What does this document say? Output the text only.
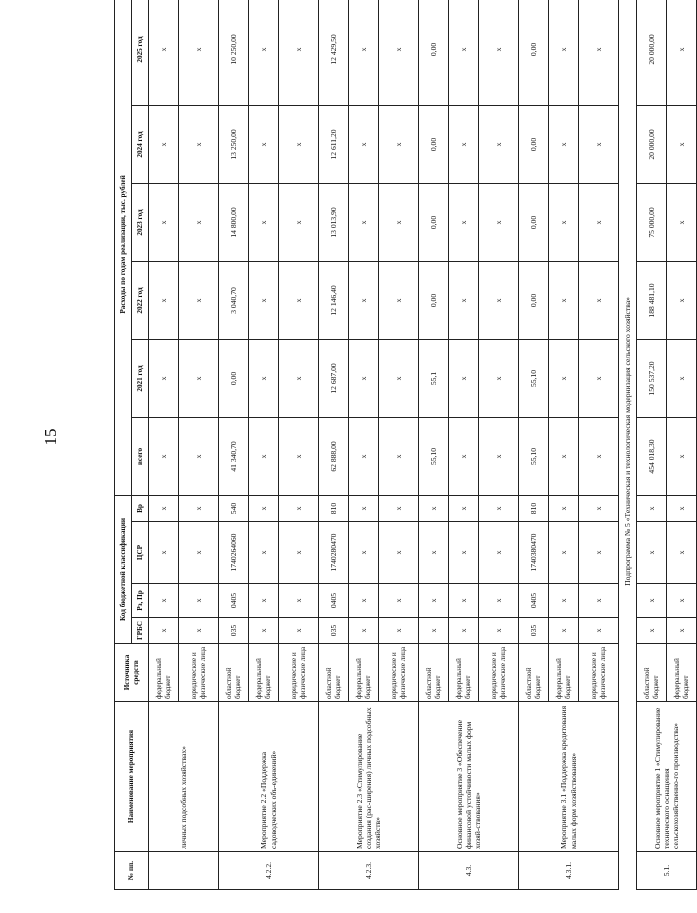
15
№ пп.	Наименование мероприятия	Источника средств	Код бюджетной классификации				Расходы по годам реализации, тыс. рублей					
			ГРБС	Рз, Пр	ЦСР	Вр	всего	2021 год	2022 год	2023 год	2024 год	2025 год
	личных подсобных хозяйствах»	федеральный бюджет	х	х	х	х	х	х	х	х	х	х
		юридические и физические лица	х	х	х	х	х	х	х	х	х	х
4.2.2.	Мероприятие 2.2 «Поддержка садоводческих объ-единений»	областной бюджет	035	0405	1740264060	540	41 340,70	0,00	3 040,70	14 800,00	13 250,00	10 250,00
		федеральный бюджет	х	х	х	х	х	х	х	х	х	х
		юридические и физические лица	х	х	х	х	х	х	х	х	х	х
4.2.3.	Мероприятие 2.3 «Стимулирование создания (рас-ширения) личных подсобных хозяйств»	областной бюджет	035	0405	1740280470	810	62 888,00	12 687,00	12 146,40	13 013,90	12 611,20	12 429,50
		федеральный бюджет	х	х	х	х	х	х	х	х	х	х
		юридические и физические лица	х	х	х	х	х	х	х	х	х	х
4.3.	Основное мероприятие 3 «Обеспечение финансовой устойчивости малых форм хозяй-ствования»	областной бюджет	х	х	х	х	55,10	55,1	0,00	0,00	0,00	0,00
		федеральный бюджет	х	х	х	х	х	х	х	х	х	х
		юридические и физические лица	х	х	х	х	х	х	х	х	х	х
4.3.1.	Мероприятие 3.1 «Поддержка кредитования малых форм хозяйствования»	областной бюджет	035	0405	1740380470	810	55,10	55,10	0,00	0,00	0,00	0,00
		федеральный бюджет	х	х	х	х	х	х	х	х	х	х
		юридические и физические лица	х	х	х	х	х	х	х	х	х	х
Подпрограмма № 5 «Техническая и технологическая модернизация сельского хозяйства»												
5.1.	Основное мероприятие 1 «Стимулирование технического оснащения сельскохозяйственно-го производства»	областной бюджет	х	х	х	х	454 018,30	150 537,20	188 481,10	75 000,00	20 000,00	20 000,00
		федеральный бюджет	х	х	х	х	х	х	х	х	х	х
